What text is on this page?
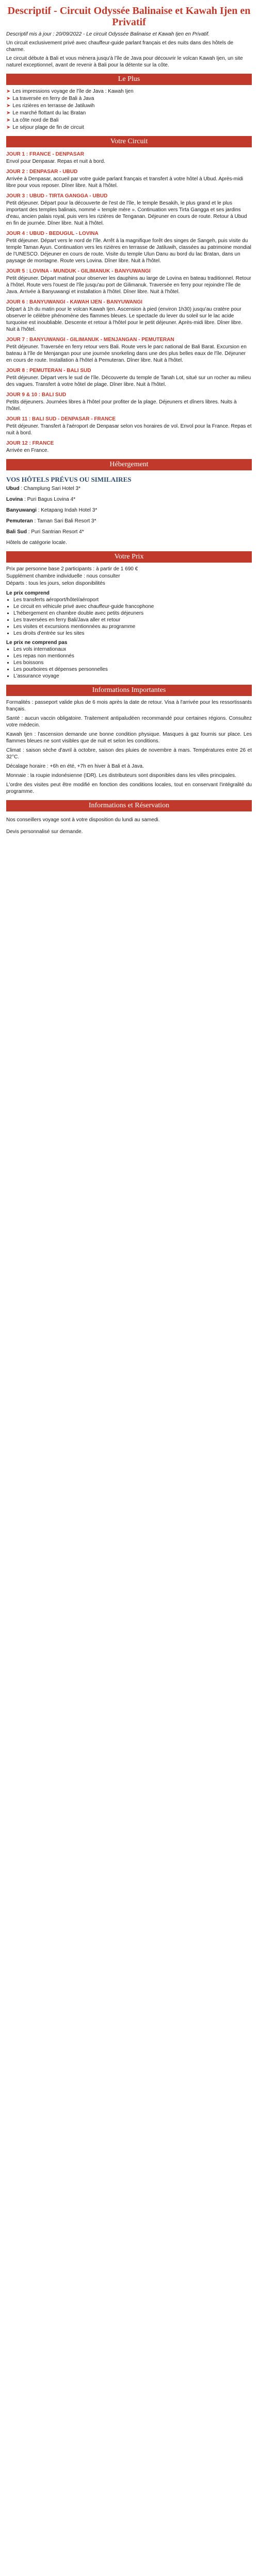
Descriptif - Circuit Odyssée Balinaise et Kawah Ijen en Privatif

Descriptif mis à jour : 20/09/2022 - Le circuit Odyssée Balinaise et Kawah Ijen en Privatif.

Un circuit exclusivement privé avec chauffeur-guide parlant français et des nuits dans des hôtels de charme.

Le circuit débute à Bali et vous mènera jusqu'à l'île de Java pour découvrir le volcan Kawah Ijen, un site naturel exceptionnel, avant de revenir à Bali pour la détente sur la côte.

Le Plus
➤ Les impressions voyage de l'île de Java : Kawah Ijen
➤ La traversée en ferry de Bali à Java
➤ Les rizières en terrasse de Jatiluwih
➤ Le marché flottant du lac Bratan
➤ La côte nord de Bali
➤ Le séjour plage de fin de circuit
Votre Circuit
JOUR 1 : FRANCE - DENPASAR

Envol pour Denpasar. Repas et nuit à bord.

JOUR 2 : DENPASAR - UBUD

Arrivée à Denpasar, accueil par votre guide parlant français et transfert à votre hôtel à Ubud. Après-midi libre pour vous reposer. Dîner libre. Nuit à l'hôtel.

JOUR 3 : UBUD - TIRTA GANGGA - UBUD

Petit déjeuner. Départ pour la découverte de l'est de l'île, le temple Besakih, le plus grand et le plus important des temples balinais, nommé « temple mère ». Continuation vers Tirta Gangga et ses jardins d'eau, ancien palais royal, puis vers les rizières de Tenganan. Déjeuner en cours de route. Retour à Ubud en fin de journée. Dîner libre. Nuit à l'hôtel.

JOUR 4 : UBUD - BEDUGUL - LOVINA

Petit déjeuner. Départ vers le nord de l'île. Arrêt à la magnifique forêt des singes de Sangeh, puis visite du temple Taman Ayun. Continuation vers les rizières en terrasse de Jatiluwih, classées au patrimoine mondial de l'UNESCO. Déjeuner en cours de route. Visite du temple Ulun Danu au bord du lac Bratan, dans un paysage de montagne. Route vers Lovina. Dîner libre. Nuit à l'hôtel.

JOUR 5 : LOVINA - MUNDUK - GILIMANUK - BANYUWANGI

Petit déjeuner. Départ matinal pour observer les dauphins au large de Lovina en bateau traditionnel. Retour à l'hôtel. Route vers l'ouest de l'île jusqu'au port de Gilimanuk. Traversée en ferry pour rejoindre l'île de Java. Arrivée à Banyuwangi et installation à l'hôtel. Dîner libre. Nuit à l'hôtel.

JOUR 6 : BANYUWANGI - KAWAH IJEN - BANYUWANGI

Départ à 1h du matin pour le volcan Kawah Ijen. Ascension à pied (environ 1h30) jusqu'au cratère pour observer le célèbre phénomène des flammes bleues. Le spectacle du lever du soleil sur le lac acide turquoise est inoubliable. Descente et retour à l'hôtel pour le petit déjeuner. Après-midi libre. Dîner libre. Nuit à l'hôtel.

JOUR 7 : BANYUWANGI - GILIMANUK - MENJANGAN - PEMUTERAN

Petit déjeuner. Traversée en ferry retour vers Bali. Route vers le parc national de Bali Barat. Excursion en bateau à l'île de Menjangan pour une journée snorkeling dans une des plus belles eaux de l'île. Déjeuner en cours de route. Installation à l'hôtel à Pemuteran. Dîner libre. Nuit à l'hôtel.

JOUR 8 : PEMUTERAN - BALI SUD

Petit déjeuner. Départ vers le sud de l'île. Découverte du temple de Tanah Lot, situé sur un rocher au milieu des vagues. Transfert à votre hôtel de plage. Dîner libre. Nuit à l'hôtel.

JOUR 9 & 10 : BALI SUD

Petits déjeuners. Journées libres à l'hôtel pour profiter de la plage. Déjeuners et dîners libres. Nuits à l'hôtel.

JOUR 11 : BALI SUD - DENPASAR - FRANCE

Petit déjeuner. Transfert à l'aéroport de Denpasar selon vos horaires de vol. Envol pour la France. Repas et nuit à bord.

JOUR 12 : FRANCE

Arrivée en France.

Hébergement
VOS HÔTELS PRÉVUS OU SIMILAIRES

Ubud : Champlung Sari Hotel 3*

Lovina : Puri Bagus Lovina 4*

Banyuwangi : Ketapang Indah Hotel 3*

Pemuteran : Taman Sari Bali Resort 3*

Bali Sud : Puri Santrian Resort 4*

Hôtels de catégorie locale.

Votre Prix
Prix par personne base 2 participants : à partir de 1 690 €
Supplément chambre individuelle : nous consulter
Départs : tous les jours, selon disponibilités
Le prix comprend
• Les transferts aéroport/hôtel/aéroport
• Le circuit en véhicule privé avec chauffeur-guide francophone
• L'hébergement en chambre double avec petits déjeuners
• Les traversées en ferry Bali/Java aller et retour
• Les visites et excursions mentionnées au programme
• Les droits d'entrée sur les sites
Le prix ne comprend pas
• Les vols internationaux
• Les repas non mentionnés
• Les boissons
• Les pourboires et dépenses personnelles
• L'assurance voyage
Informations Importantes

Formalités : passeport valide plus de 6 mois après la date de retour. Visa à l'arrivée pour les ressortissants français.

Santé : aucun vaccin obligatoire. Traitement antipaludéen recommandé pour certaines régions. Consultez votre médecin.

Kawah Ijen : l'ascension demande une bonne condition physique. Masques à gaz fournis sur place. Les flammes bleues ne sont visibles que de nuit et selon les conditions.

Climat : saison sèche d'avril à octobre, saison des pluies de novembre à mars. Températures entre 26 et 32°C.

Décalage horaire : +6h en été, +7h en hiver à Bali et à Java.

Monnaie : la roupie indonésienne (IDR). Les distributeurs sont disponibles dans les villes principales.

L'ordre des visites peut être modifié en fonction des conditions locales, tout en conservant l'intégralité du programme.

Informations et Réservation

Nos conseillers voyage sont à votre disposition du lundi au samedi.

Devis personnalisé sur demande.
